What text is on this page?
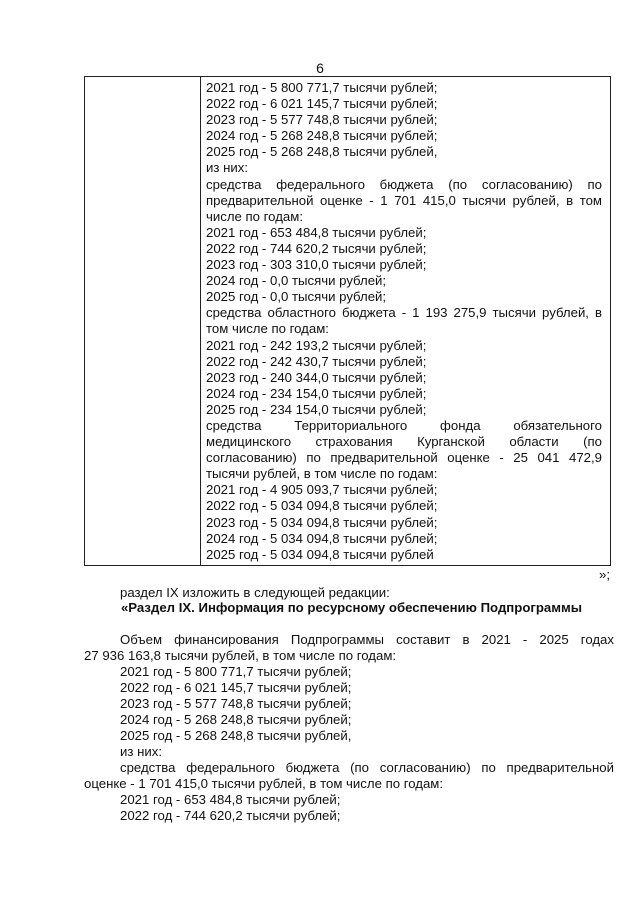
6
2021 год - 5 800 771,7 тысячи рублей;
2022 год - 6 021 145,7 тысячи рублей;
2023 год - 5 577 748,8 тысячи рублей;
2024 год - 5 268 248,8 тысячи рублей;
2025 год - 5 268 248,8 тысячи рублей,
из них:
средства федерального бюджета (по согласованию) по
предварительной оценке - 1 701 415,0 тысячи рублей, в том
числе по годам:
2021 год - 653 484,8 тысячи рублей;
2022 год - 744 620,2 тысячи рублей;
2023 год - 303 310,0 тысячи рублей;
2024 год - 0,0 тысячи рублей;
2025 год - 0,0 тысячи рублей;
средства областного бюджета - 1 193 275,9 тысячи рублей, в
том числе по годам:
2021 год - 242 193,2 тысячи рублей;
2022 год - 242 430,7 тысячи рублей;
2023 год - 240 344,0 тысячи рублей;
2024 год - 234 154,0 тысячи рублей;
2025 год - 234 154,0 тысячи рублей;
средства Территориального фонда обязательного
медицинского страхования Курганской области (по
согласованию) по предварительной оценке - 25 041 472,9
тысячи рублей, в том числе по годам:
2021 год - 4 905 093,7 тысячи рублей;
2022 год - 5 034 094,8 тысячи рублей;
2023 год - 5 034 094,8 тысячи рублей;
2024 год - 5 034 094,8 тысячи рублей;
2025 год - 5 034 094,8 тысячи рублей
»;
раздел IX изложить в следующей редакции:
«Раздел IX. Информация по ресурсному обеспечению Подпрограммы
Объем финансирования Подпрограммы составит в 2021 - 2025 годах
27 936 163,8 тысячи рублей, в том числе по годам:
2021 год - 5 800 771,7 тысячи рублей;
2022 год - 6 021 145,7 тысячи рублей;
2023 год - 5 577 748,8 тысячи рублей;
2024 год - 5 268 248,8 тысячи рублей;
2025 год - 5 268 248,8 тысячи рублей,
из них:
средства федерального бюджета (по согласованию) по предварительной
оценке - 1 701 415,0 тысячи рублей, в том числе по годам:
2021 год - 653 484,8 тысячи рублей;
2022 год - 744 620,2 тысячи рублей;
